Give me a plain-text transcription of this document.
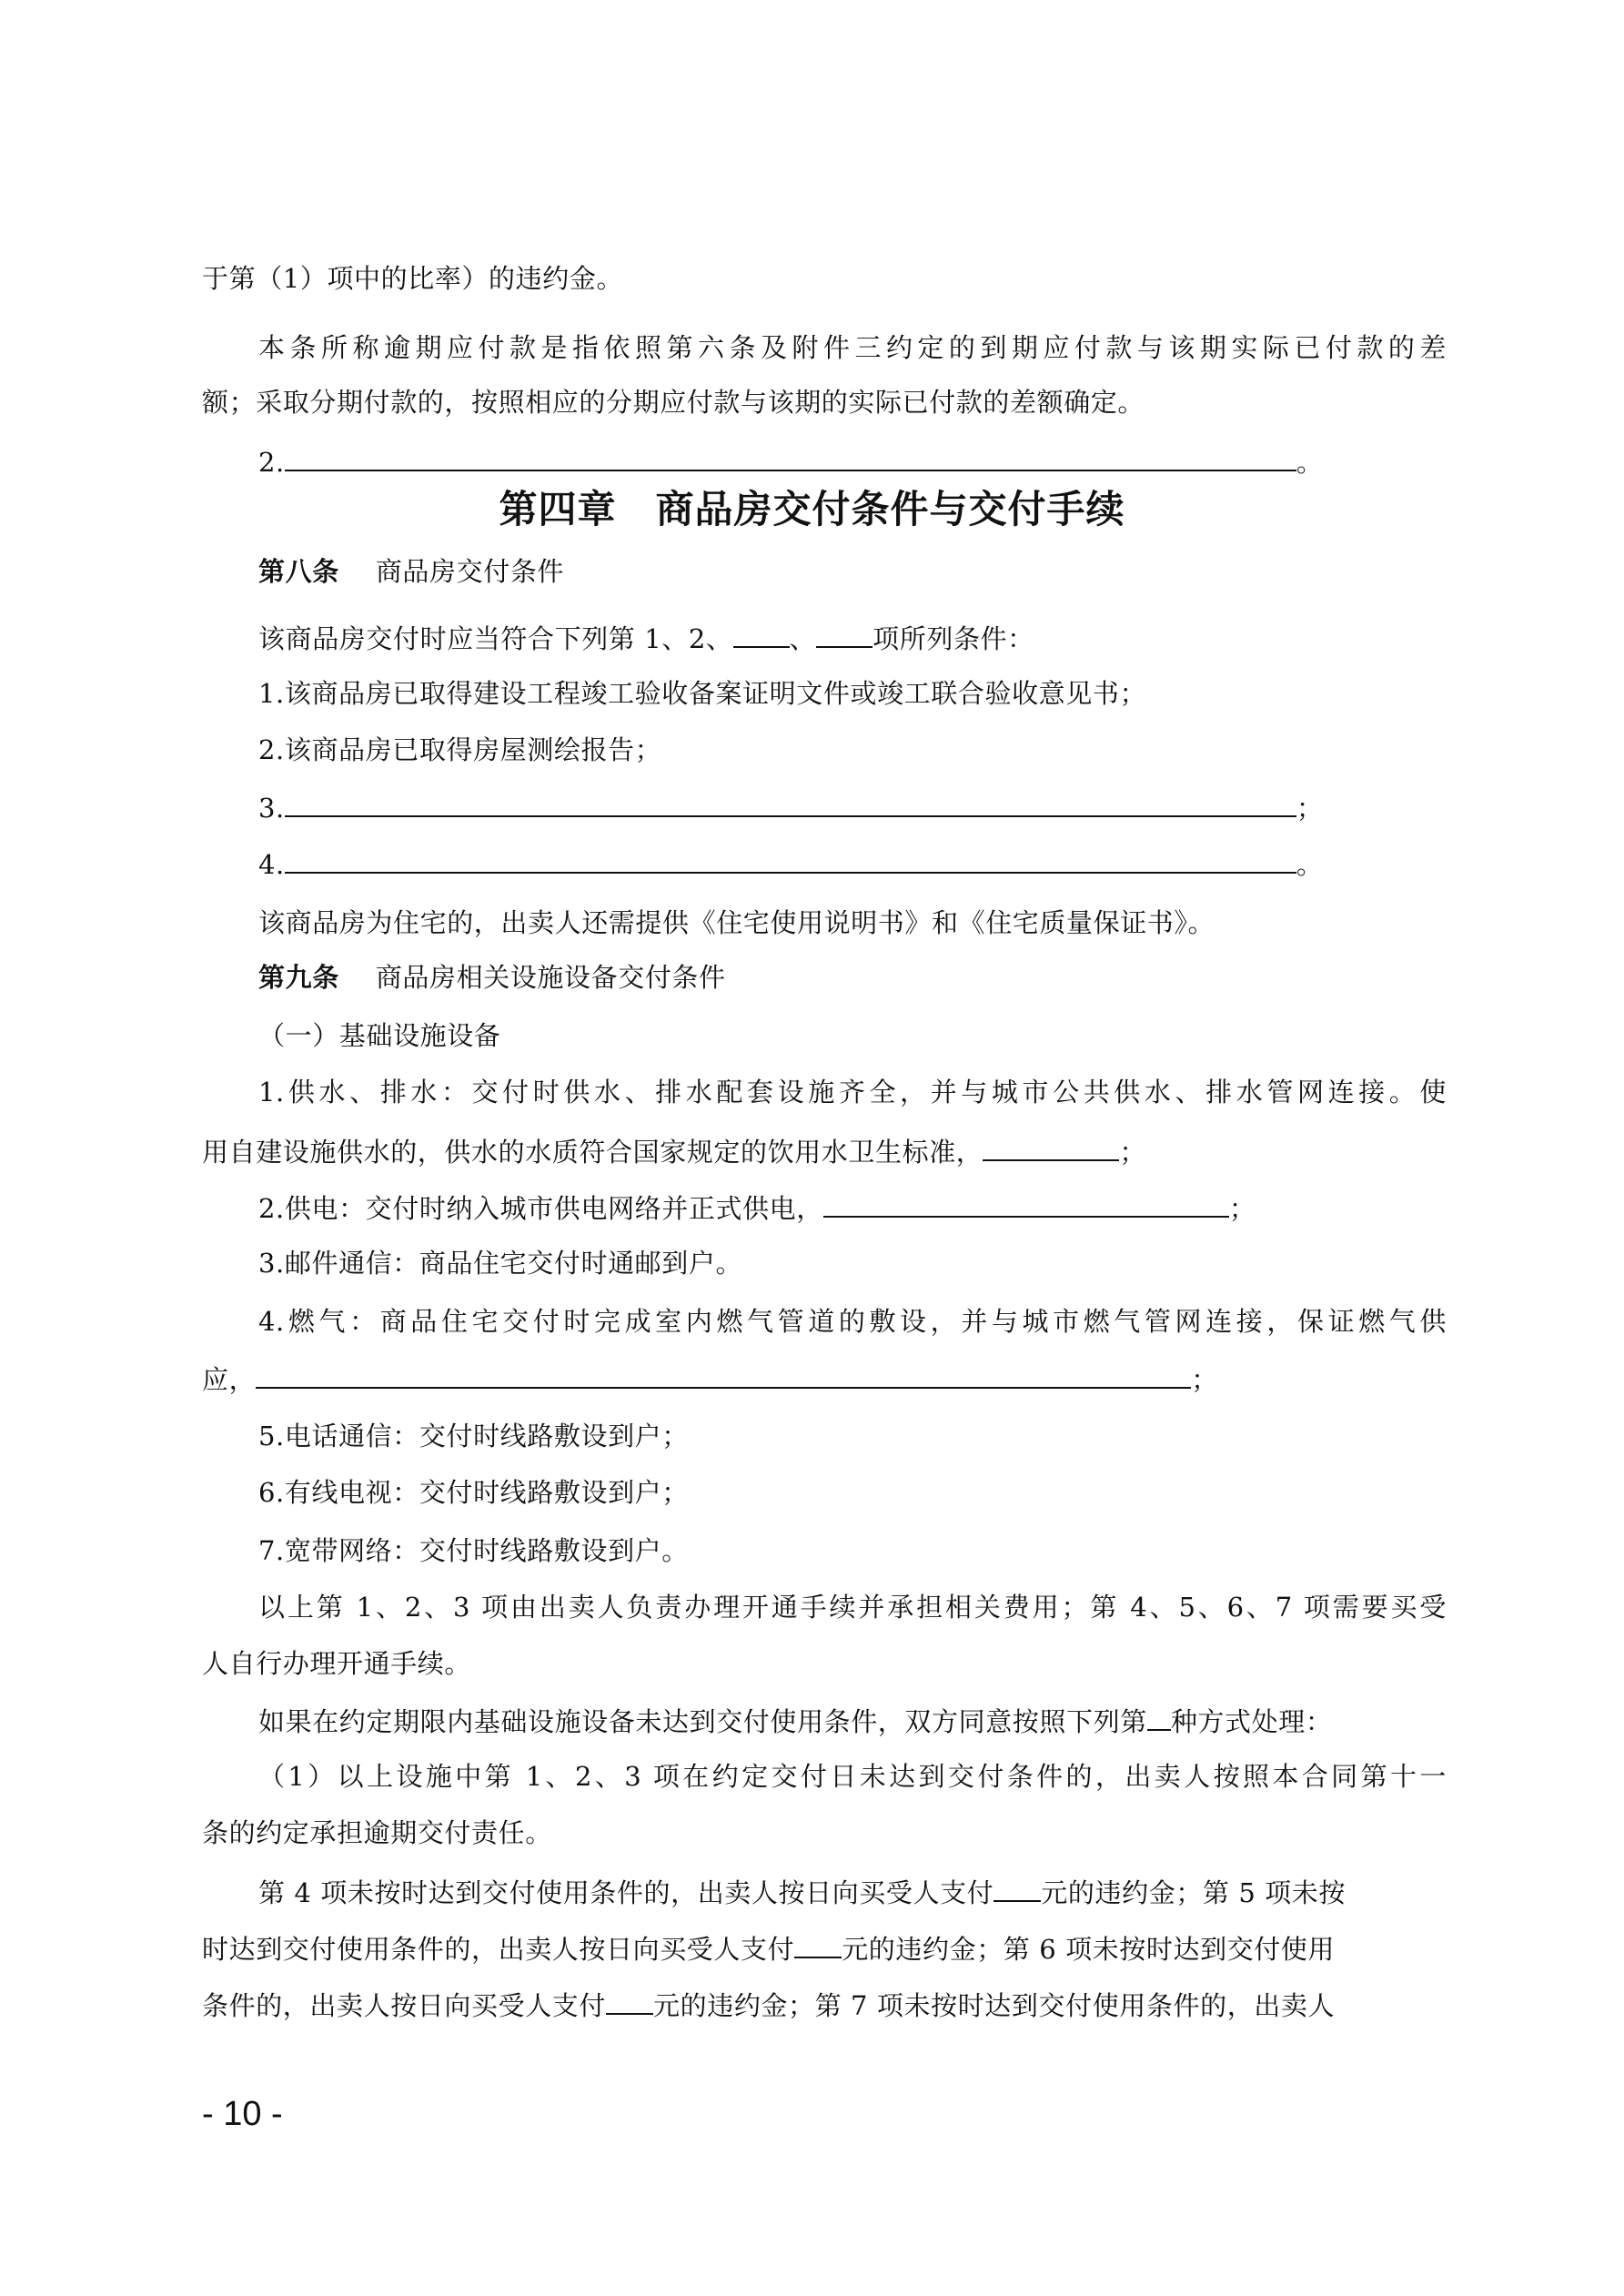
于第（1）项中的比率）的违约金。
本条所称逾期应付款是指依照第六条及附件三约定的到期应付款与该期实际已付款的差
额；采取分期付款的，按照相应的分期应付款与该期的实际已付款的差额确定。
2.	。
第四章　商品房交付条件与交付手续
第八条 商品房交付条件
该商品房交付时应当符合下列第 1、2、 、 项所列条件：
1.该商品房已取得建设工程竣工验收备案证明文件或竣工联合验收意见书；
2.该商品房已取得房屋测绘报告；
3.	；
4.	。
该商品房为住宅的，出卖人还需提供《住宅使用说明书》和《住宅质量保证书》。
第九条 商品房相关设施设备交付条件
（一）基础设施设备
1.供水、排水：交付时供水、排水配套设施齐全，并与城市公共供水、排水管网连接。使
用自建设施供水的，供水的水质符合国家规定的饮用水卫生标准，	；
2.供电：交付时纳入城市供电网络并正式供电，	；
3.邮件通信：商品住宅交付时通邮到户。
4.燃气：商品住宅交付时完成室内燃气管道的敷设，并与城市燃气管网连接，保证燃气供
应，	；
5.电话通信：交付时线路敷设到户；
6.有线电视：交付时线路敷设到户；
7.宽带网络：交付时线路敷设到户。
以上第 1、2、3 项由出卖人负责办理开通手续并承担相关费用；第 4、5、6、7 项需要买受
人自行办理开通手续。
如果在约定期限内基础设施设备未达到交付使用条件，双方同意按照下列第 种方式处理：
（1）以上设施中第 1、2、3 项在约定交付日未达到交付条件的，出卖人按照本合同第十一
条的约定承担逾期交付责任。
第 4 项未按时达到交付使用条件的，出卖人按日向买受人支付 元的违约金；第 5 项未按
时达到交付使用条件的，出卖人按日向买受人支付 元的违约金；第 6 项未按时达到交付使用
条件的，出卖人按日向买受人支付 元的违约金；第 7 项未按时达到交付使用条件的，出卖人
- 10 -
